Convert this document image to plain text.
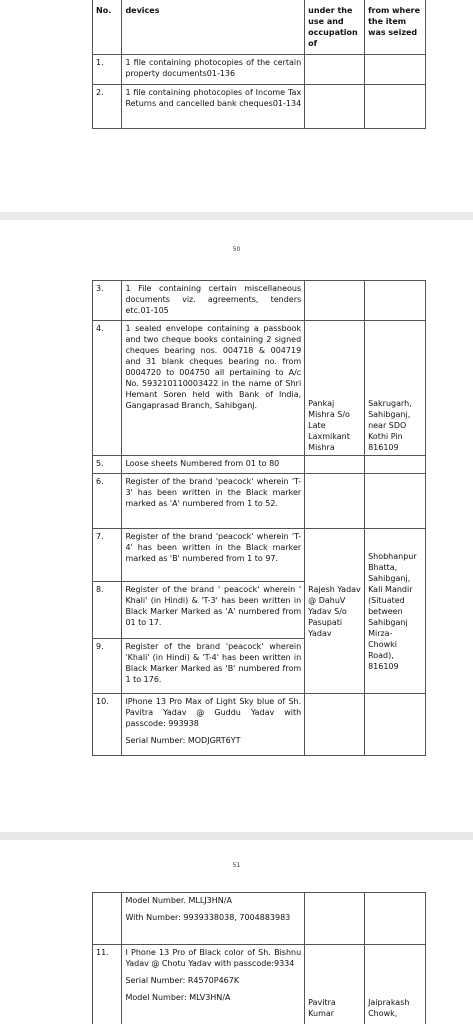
No.	devices	under the use and occupation of	from where the item was seized
1.	1 file containing photocopies of the certain property documents01-136		
2.	1 file containing photocopies of Income Tax Returns and cancelled bank cheques01-134		
50
3.	1 File containing certain miscellaneous documents viz. agreements, tenders etc.01-105		
4.	1 sealed envelope containing a passbook and two cheque books containing 2 signed cheques bearing nos. 004718 & 004719 and 31 blank cheques bearing no. from 0004720 to 004750 all pertaining to A/c No. 593210110003422 in the name of Shri Hemant Soren held with Bank of India, Gangaprasad Branch, Sahibganj.	Pankaj Mishra S/o Late Laxmikant Mishra	Sakrugarh, Sahibganj, near SDO Kothi Pin 816109
5.	Loose sheets Numbered from 01 to 80		
6.	Register of the brand 'peacock' wherein 'T-3' has been written in the Black marker marked as 'A' numbered from 1 to 52.		
7.	Register of the brand 'peacock' wherein 'T-4' has been written in the Black marker marked as 'B' numbered from 1 to 97.	Rajesh Yadav @ DahuV Yadav S/o Pasupati Yadav	Shobhanpur Bhatta, Sahibganj, Kali Mandir (Situated between Sahibganj Mirza- Chowki Road), 816109
8.	Register of the brand ' peacock' wherein ' Khali' (in Hindi) & 'T-3' has been written in Black Marker Marked as 'A' numbered from 01 to 17.		
9.	Register of the brand 'peacock' wherein 'Khali' (in Hindi) & 'T-4' has been written in Black Marker Marked as 'B' numbered from 1 to 176.		
10.	IPhone 13 Pro Max of Light Sky blue of Sh. Pavitra Yadav @ Guddu Yadav with passcode: 993938
Serial Number: MODJGRT6YT		

51

	Model Number. MLLJ3HN/A
With Number: 9939338038, 7004883983		

11.	I Phone 13 Pro of Black color of Sh. Bishnu Yadav @ Chotu Yadav with passcode:9334
Serial Number: R4570P467K
Model Number: MLV3HN/A	Pavitra Kumar	Jaiprakash Chowk,
